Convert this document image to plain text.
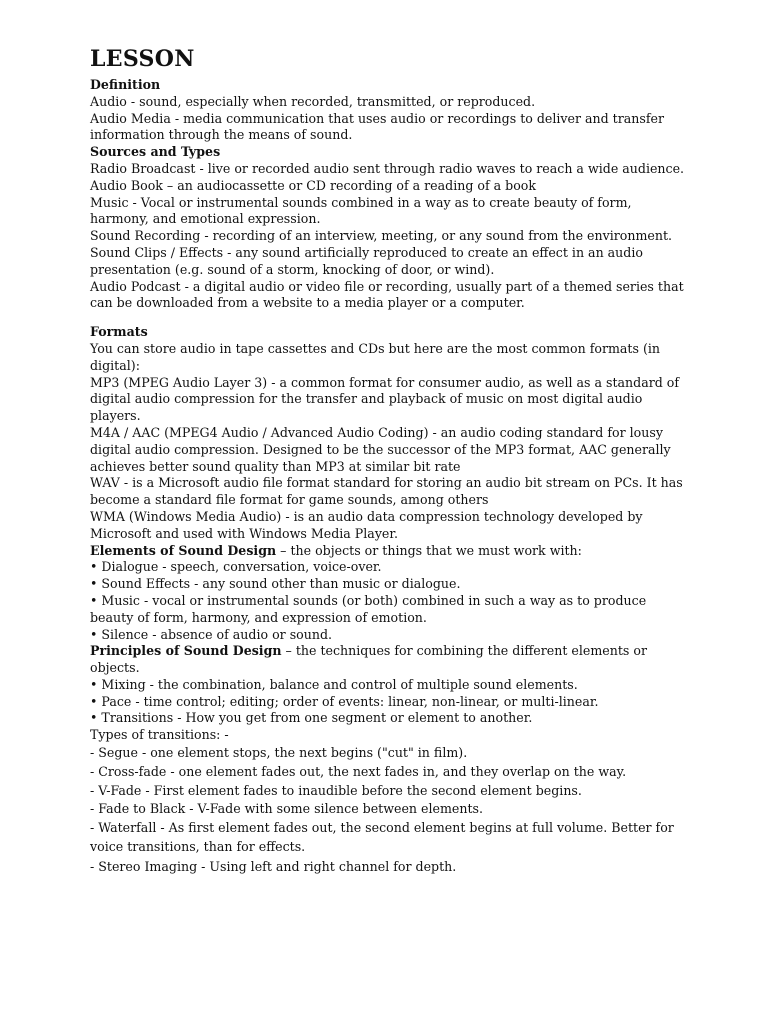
LESSON
Definition
Audio - sound, especially when recorded, transmitted, or reproduced.
Audio Media - media communication that uses audio or recordings to deliver and transfer information through the means of sound.
Sources and Types
Radio Broadcast - live or recorded audio sent through radio waves to reach a wide audience.
Audio Book – an audiocassette or CD recording of a reading of a book
Music - Vocal or instrumental sounds combined in a way as to create beauty of form, harmony, and emotional expression.
Sound Recording - recording of an interview, meeting, or any sound from the environment.
Sound Clips / Effects - any sound artificially reproduced to create an effect in an audio presentation (e.g. sound of a storm, knocking of door, or wind).
Audio Podcast - a digital audio or video file or recording, usually part of a themed series that can be downloaded from a website to a media player or a computer.
Formats
You can store audio in tape cassettes and CDs but here are the most common formats (in digital):
MP3 (MPEG Audio Layer 3) - a common format for consumer audio, as well as a standard of digital audio compression for the transfer and playback of music on most digital audio players.
M4A / AAC (MPEG4 Audio / Advanced Audio Coding) - an audio coding standard for lousy digital audio compression. Designed to be the successor of the MP3 format, AAC generally achieves better sound quality than MP3 at similar bit rate
WAV - is a Microsoft audio file format standard for storing an audio bit stream on PCs. It has become a standard file format for game sounds, among others
WMA (Windows Media Audio) - is an audio data compression technology developed by Microsoft and used with Windows Media Player.
Elements of Sound Design – the objects or things that we must work with:
• Dialogue - speech, conversation, voice-over.
• Sound Effects - any sound other than music or dialogue.
• Music - vocal or instrumental sounds (or both) combined in such a way as to produce beauty of form, harmony, and expression of emotion.
• Silence - absence of audio or sound.
Principles of Sound Design – the techniques for combining the different elements or objects.
• Mixing - the combination, balance and control of multiple sound elements.
• Pace - time control; editing; order of events: linear, non-linear, or multi-linear.
• Transitions - How you get from one segment or element to another.
Types of transitions: -
- Segue - one element stops, the next begins ("cut" in film).
- Cross-fade - one element fades out, the next fades in, and they overlap on the way.
- V-Fade - First element fades to inaudible before the second element begins.
- Fade to Black - V-Fade with some silence between elements.
- Waterfall - As first element fades out, the second element begins at full volume. Better for voice transitions, than for effects.
- Stereo Imaging - Using left and right channel for depth.
